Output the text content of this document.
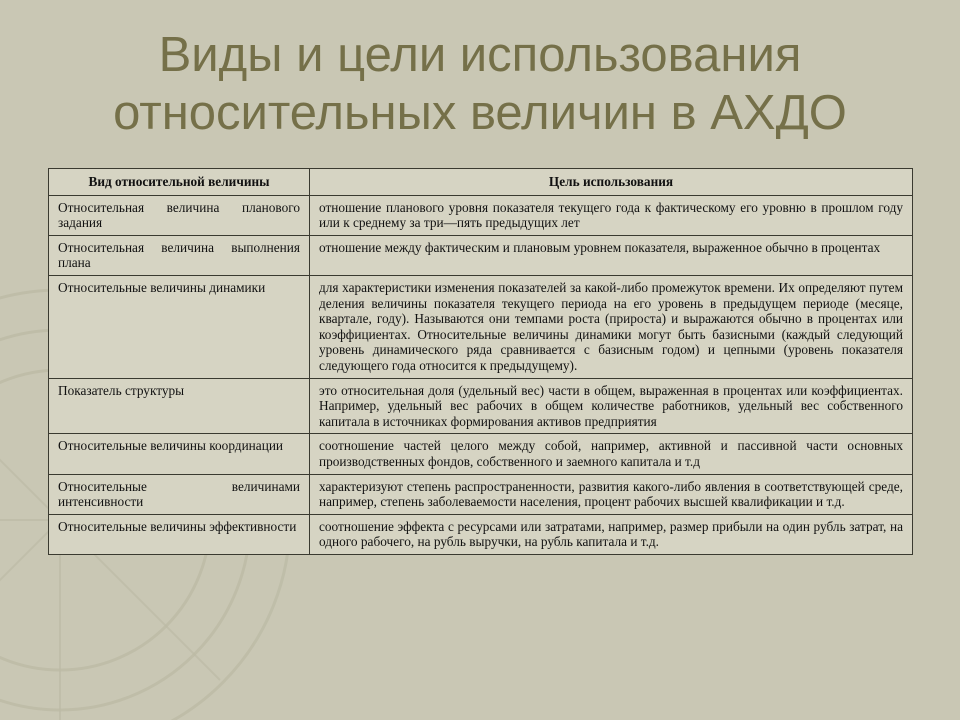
Виды и цели использования
относительных величин в АХДО
Вид относительной величины	Цель использования
Относительная величина планового задания	отношение планового уровня показателя текущего года к фактическому его уровню в прошлом году или к среднему за три—пять предыдущих лет
Относительная величина выполнения плана	отношение между фактическим и плановым уровнем показателя, выраженное обычно в процентах
Относительные величины динамики	для характеристики изменения показателей за какой-либо промежуток времени. Их определяют путем деления величины показателя текущего периода на его уровень в предыдущем периоде (месяце, квартале, году). Называются они темпами роста (прироста) и выражаются обычно в процентах или коэффициентах. Относительные величины динамики могут быть базисными (каждый следующий уровень динамического ряда сравнивается с базисным годом) и цепными (уровень показателя следующего года относится к предыдущему).
Показатель структуры	это относительная доля (удельный вес) части в общем, выраженная в процентах или коэффициентах. Например, удельный вес рабочих в общем количестве работников, удельный вес собственного капитала в источниках формирования активов предприятия
Относительные величины координации	соотношение частей целого между собой, например, активной и пассивной части основных производственных фондов, собственного и заемного капитала и т.д
Относительные величинами интенсивности	характеризуют степень распространенности, развития какого-либо явления в соответствующей среде, например, степень заболеваемости населения, процент рабочих высшей квалификации и т.д.
Относительные величины эффективности	соотношение эффекта с ресурсами или затратами, например, размер прибыли на один рубль затрат, на одного рабочего, на рубль выручки, на рубль капитала и т.д.
